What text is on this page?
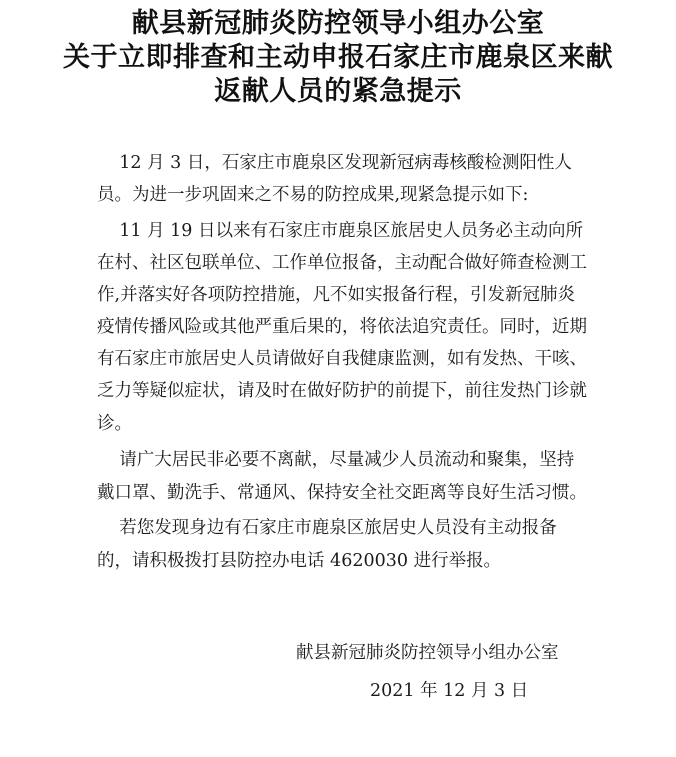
献县新冠肺炎防控领导小组办公室
关于立即排查和主动申报石家庄市鹿泉区来献
返献人员的紧急提示
12 月 3 日，石家庄市鹿泉区发现新冠病毒核酸检测阳性人
员。为进一步巩固来之不易的防控成果,现紧急提示如下:
11 月 19 日以来有石家庄市鹿泉区旅居史人员务必主动向所
在村、社区包联单位、工作单位报备，主动配合做好筛查检测工
作,并落实好各项防控措施，凡不如实报备行程，引发新冠肺炎
疫情传播风险或其他严重后果的，将依法追究责任。同时，近期
有石家庄市旅居史人员请做好自我健康监测，如有发热、干咳、
乏力等疑似症状，请及时在做好防护的前提下，前往发热门诊就
诊。
请广大居民非必要不离献，尽量减少人员流动和聚集，坚持
戴口罩、勤洗手、常通风、保持安全社交距离等良好生活习惯。
若您发现身边有石家庄市鹿泉区旅居史人员没有主动报备
的，请积极拨打县防控办电话 4620030 进行举报。
献县新冠肺炎防控领导小组办公室
2021 年 12 月 3 日
